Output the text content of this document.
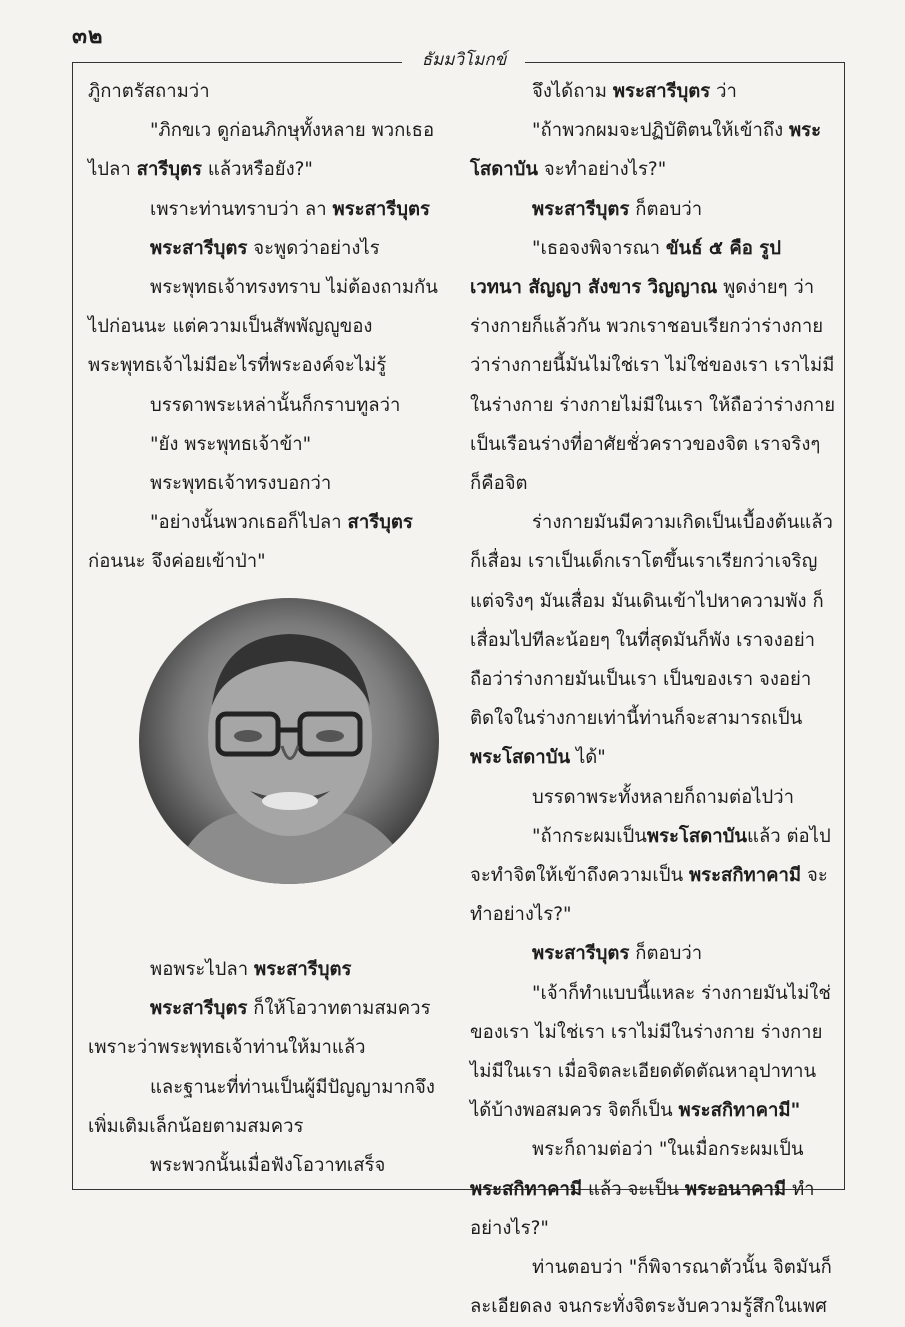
๓๒
ธัมมวิโมกข์

ภูิกาตรัสถามว่า

"ภิกขเว ดูก่อนภิกษุทั้งหลาย พวกเธอไปลา สารีบุตร แล้วหรือยัง?"

เพราะท่านทราบว่า ลา พระสารีบุตร

พระสารีบุตร จะพูดว่าอย่างไร

พระพุทธเจ้าทรงทราบ ไม่ต้องถามกันไปก่อนนะ แต่ความเป็นสัพพัญญูของพระพุทธเจ้าไม่มีอะไรที่พระองค์จะไม่รู้

บรรดาพระเหล่านั้นก็กราบทูลว่า

"ยัง พระพุทธเจ้าข้า"

พระพุทธเจ้าทรงบอกว่า

"อย่างนั้นพวกเธอก็ไปลา สารีบุตร ก่อนนะ จึงค่อยเข้าป่า"

พอพระไปลา พระสารีบุตร

พระสารีบุตร ก็ให้โอวาทตามสมควรเพราะว่าพระพุทธเจ้าท่านให้มาแล้ว

และฐานะที่ท่านเป็นผู้มีปัญญามากจึงเพิ่มเติมเล็กน้อยตามสมควร

พระพวกนั้นเมื่อฟังโอวาทเสร็จ

จึงได้ถาม พระสารีบุตร ว่า

"ถ้าพวกผมจะปฏิบัติตนให้เข้าถึง พระโสดาบัน จะทำอย่างไร?"

พระสารีบุตร ก็ตอบว่า

"เธอจงพิจารณา ขันธ์ ๕ คือ รูป เวทนา สัญญา สังขาร วิญญาณ พูดง่ายๆ ว่าร่างกายก็แล้วกัน พวกเราชอบเรียกว่าร่างกาย ว่าร่างกายนี้มันไม่ใช่เรา ไม่ใช่ของเรา เราไม่มีในร่างกาย ร่างกายไม่มีในเรา ให้ถือว่าร่างกายเป็นเรือนร่างที่อาศัยชั่วคราวของจิต เราจริงๆ ก็คือจิต

ร่างกายมันมีความเกิดเป็นเบื้องต้นแล้วก็เสื่อม เราเป็นเด็กเราโตขึ้นเราเรียกว่าเจริญ แต่จริงๆ มันเสื่อม มันเดินเข้าไปหาความพัง ก็เสื่อมไปทีละน้อยๆ ในที่สุดมันก็พัง เราจงอย่าถือว่าร่างกายมันเป็นเรา เป็นของเรา จงอย่าติดใจในร่างกายเท่านี้ท่านก็จะสามารถเป็น พระโสดาบัน ได้"

บรรดาพระทั้งหลายก็ถามต่อไปว่า

"ถ้ากระผมเป็นพระโสดาบันแล้ว ต่อไปจะทำจิตให้เข้าถึงความเป็น พระสกิทาคามี จะทำอย่างไร?"

พระสารีบุตร ก็ตอบว่า

"เจ้าก็ทำแบบนี้แหละ ร่างกายมันไม่ใช่ของเรา ไม่ใช่เรา เราไม่มีในร่างกาย ร่างกายไม่มีในเรา เมื่อจิตละเอียดตัดตัณหาอุปาทานได้บ้างพอสมควร จิตก็เป็น พระสกิทาคามี"

พระก็ถามต่อว่า "ในเมื่อกระผมเป็น พระสกิทาคามี แล้ว จะเป็น พระอนาคามี ทำอย่างไร?"

ท่านตอบว่า "ก็พิจารณาตัวนั้น จิตมันก็ละเอียดลง จนกระทั่งจิตระงับความรู้สึกในเพศ
